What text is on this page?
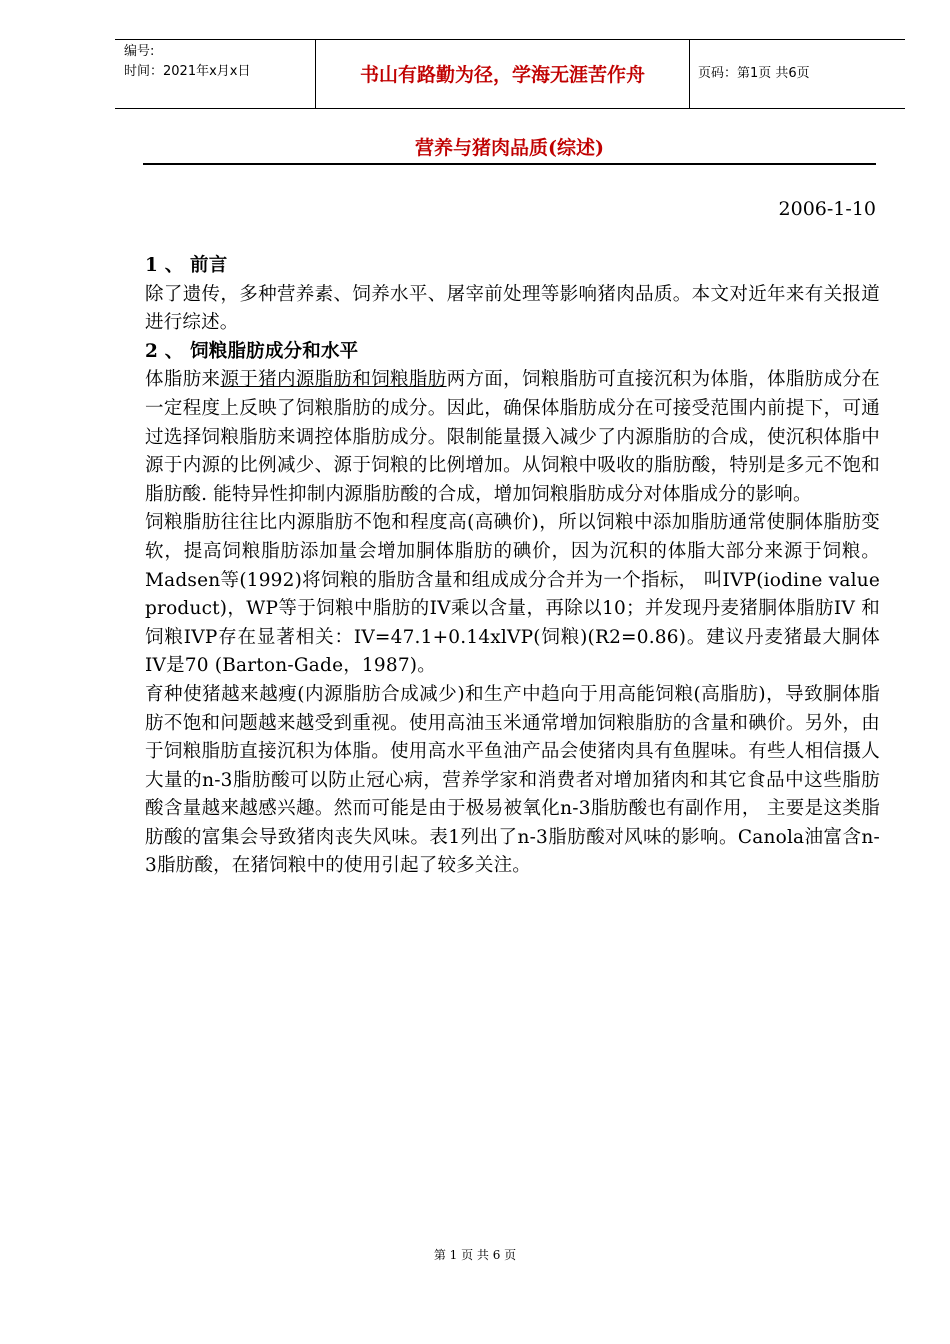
编号:
时间：2021年x月x日	书山有路勤为径，学海无涯苦作舟	页码：第1页 共6页
营养与猪肉品质(综述)
2006-1-10
1 、 前言
除了遗传，多种营养素、饲养水平、屠宰前处理等影响猪肉品质。本文对近年来有关报道进行综述。
2 、 饲粮脂肪成分和水平
体脂肪来源于猪内源脂肪和饲粮脂肪两方面，饲粮脂肪可直接沉积为体脂，体脂肪成分在一定程度上反映了饲粮脂肪的成分。因此，确保体脂肪成分在可接受范围内前提下，可通过选择饲粮脂肪来调控体脂肪成分。限制能量摄入减少了内源脂肪的合成，使沉积体脂中源于内源的比例减少、源于饲粮的比例增加。从饲粮中吸收的脂肪酸，特别是多元不饱和脂肪酸. 能特异性抑制内源脂肪酸的合成，增加饲粮脂肪成分对体脂成分的影响。
饲粮脂肪往往比内源脂肪不饱和程度高(高碘价)，所以饲粮中添加脂肪通常使胴体脂肪变软，提高饲粮脂肪添加量会增加胴体脂肪的碘价，因为沉积的体脂大部分来源于饲粮。Madsen等(1992)将饲粮的脂肪含量和组成成分合并为一个指标， 叫IVP(iodine value product)，WP等于饲粮中脂肪的IV乘以含量，再除以10；并发现丹麦猪胴体脂肪IV 和饲粮IVP存在显著相关：IV=47.1+0.14xlVP(饲粮)(R2=0.86)。建议丹麦猪最大胴体IV是70 (Barton-Gade，1987)。
育种使猪越来越瘦(内源脂肪合成减少)和生产中趋向于用高能饲粮(高脂肪)，导致胴体脂肪不饱和问题越来越受到重视。使用高油玉米通常增加饲粮脂肪的含量和碘价。另外，由于饲粮脂肪直接沉积为体脂。使用高水平鱼油产品会使猪肉具有鱼腥味。有些人相信摄人大量的n-3脂肪酸可以防止冠心病，营养学家和消费者对增加猪肉和其它食品中这些脂肪酸含量越来越感兴趣。然而可能是由于极易被氧化n-3脂肪酸也有副作用， 主要是这类脂肪酸的富集会导致猪肉丧失风味。表1列出了n-3脂肪酸对风味的影响。Canola油富含n-3脂肪酸，在猪饲粮中的使用引起了较多关注。
第 1 页 共 6 页
